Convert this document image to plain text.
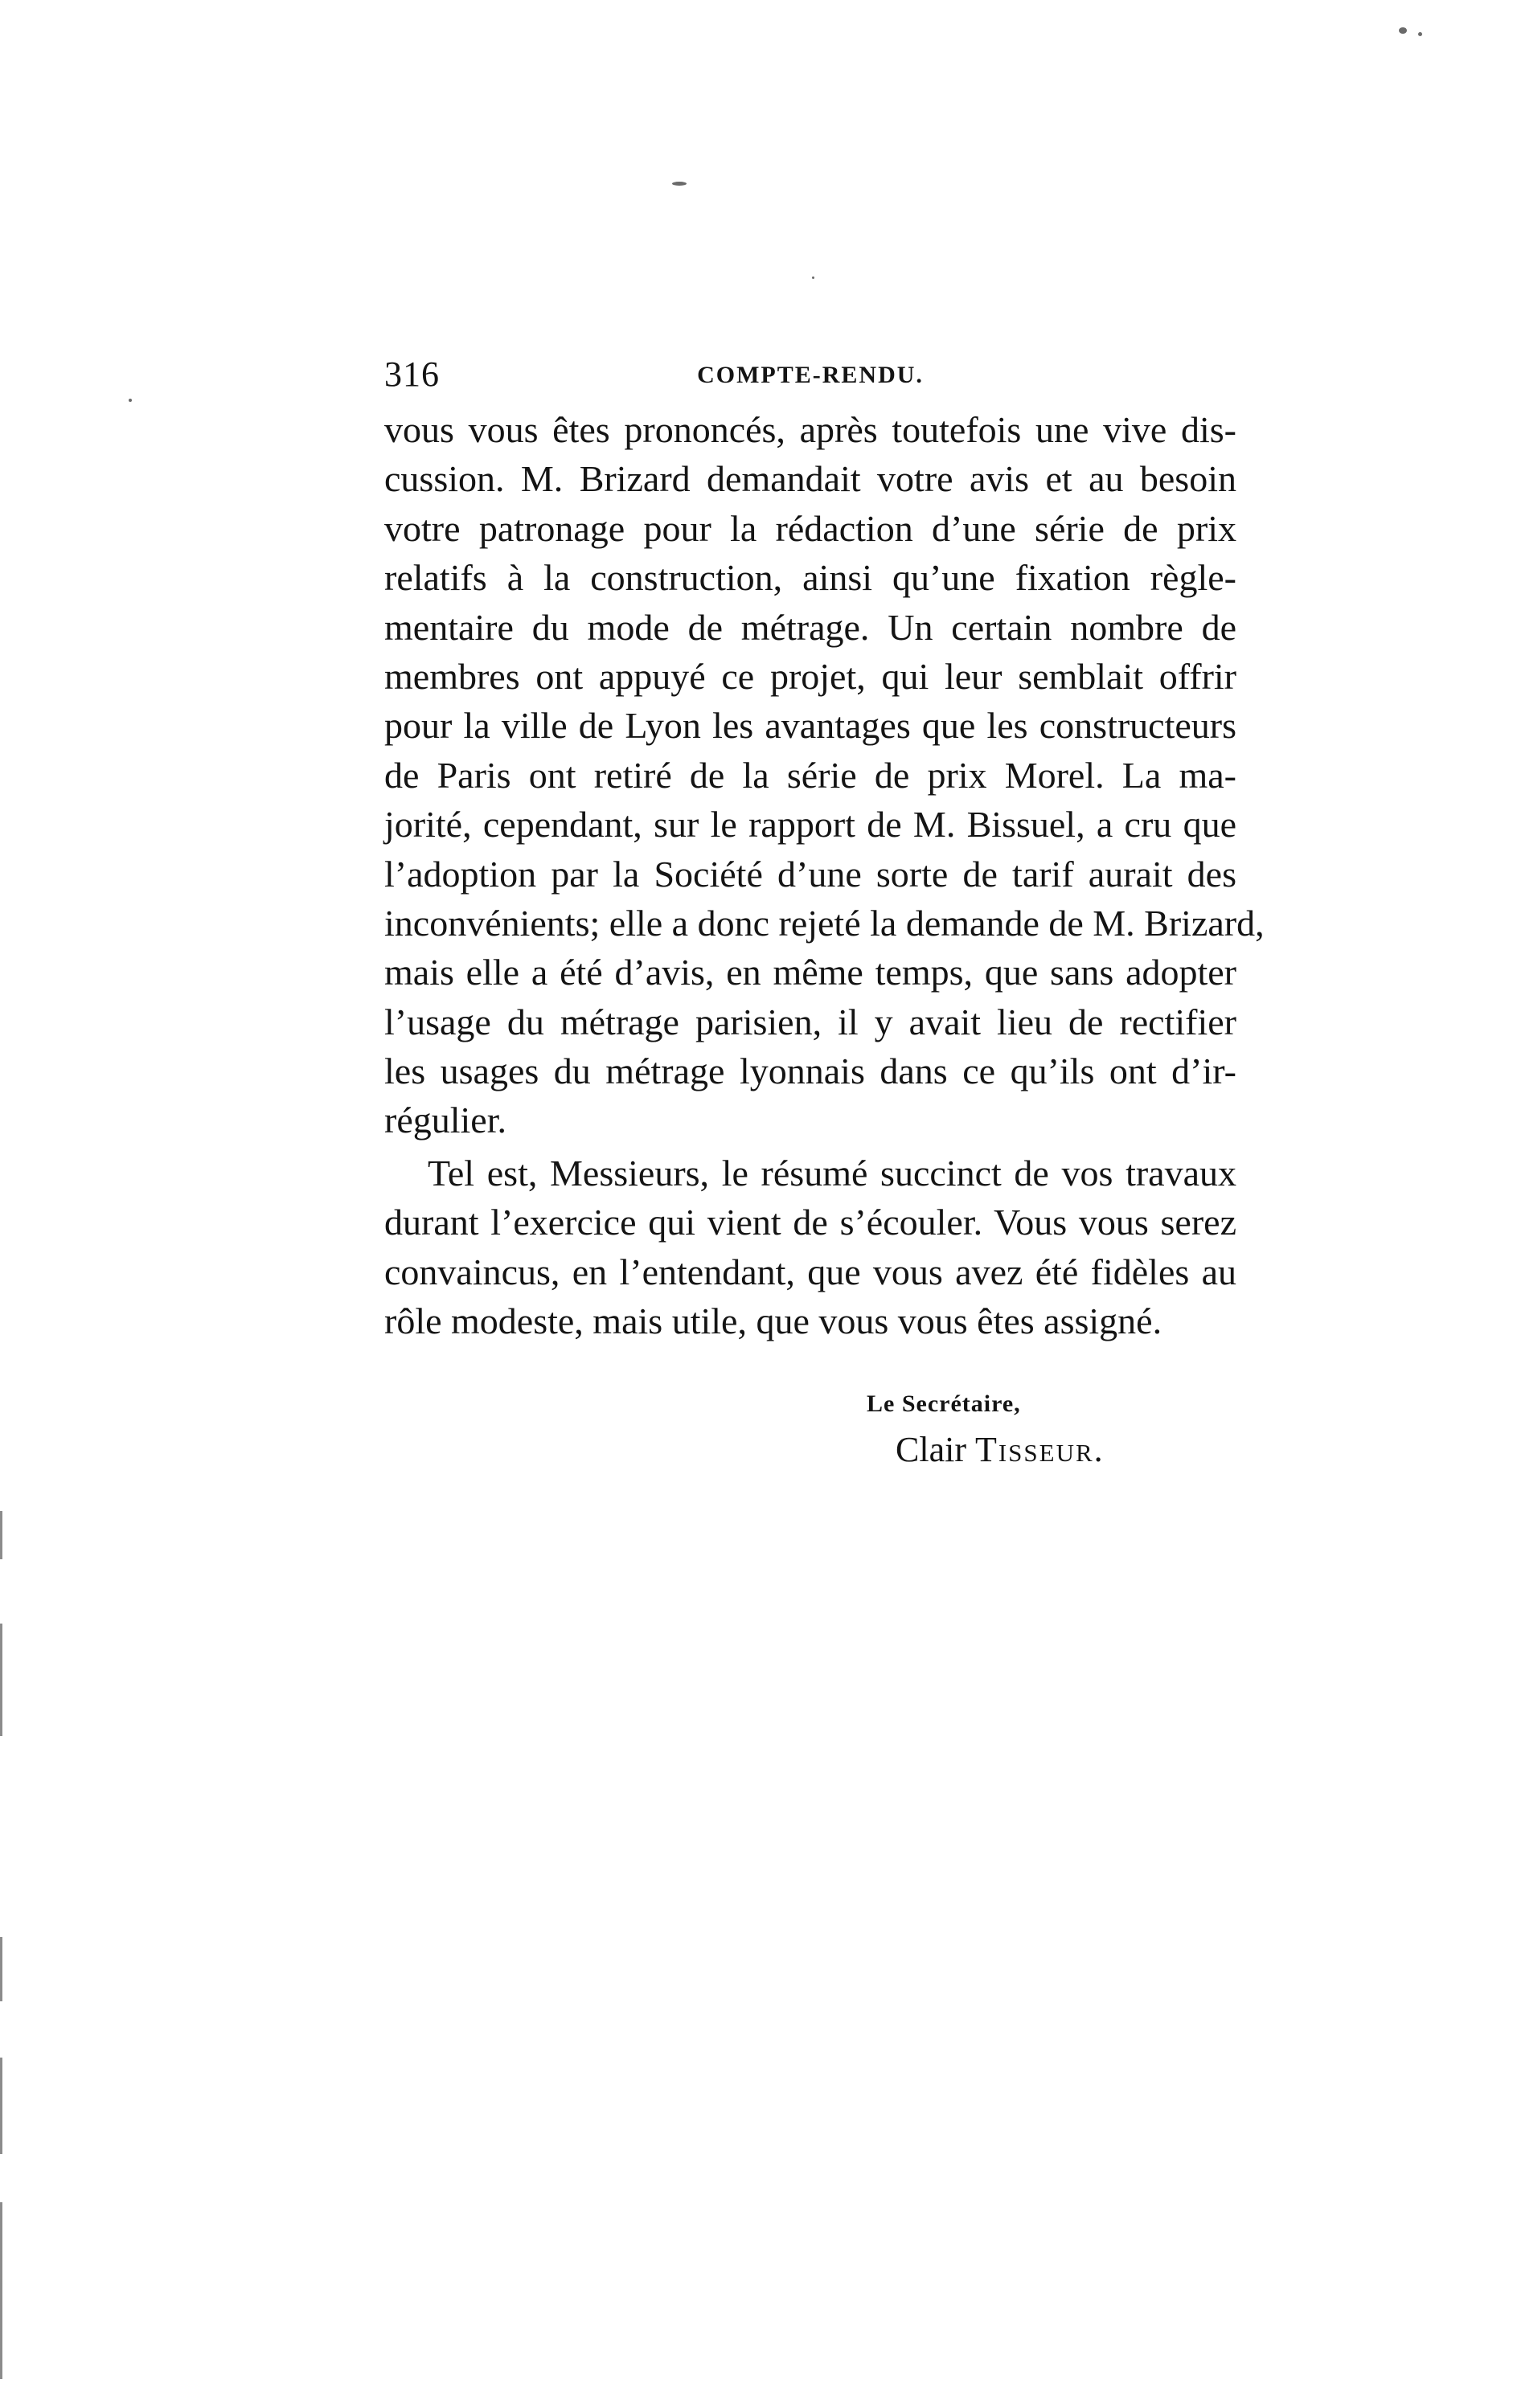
316	COMPTE-RENDU.
vous vous êtes prononcés, après toutefois une vive dis-
cussion. M. Brizard demandait votre avis et au besoin
votre patronage pour la rédaction d’une série de prix
relatifs à la construction, ainsi qu’une fixation règle-
mentaire du mode de métrage. Un certain nombre de
membres ont appuyé ce projet, qui leur semblait offrir
pour la ville de Lyon les avantages que les constructeurs
de Paris ont retiré de la série de prix Morel. La ma-
jorité, cependant, sur le rapport de M. Bissuel, a cru que
l’adoption par la Société d’une sorte de tarif aurait des
inconvénients; elle a donc rejeté la demande de M. Brizard,
mais elle a été d’avis, en même temps, que sans adopter
l’usage du métrage parisien, il y avait lieu de rectifier
les usages du métrage lyonnais dans ce qu’ils ont d’ir-
régulier.
Tel est, Messieurs, le résumé succinct de vos travaux
durant l’exercice qui vient de s’écouler. Vous vous serez
convaincus, en l’entendant, que vous avez été fidèles au
rôle modeste, mais utile, que vous vous êtes assigné.
Le Secrétaire,
Clair Tisseur.
